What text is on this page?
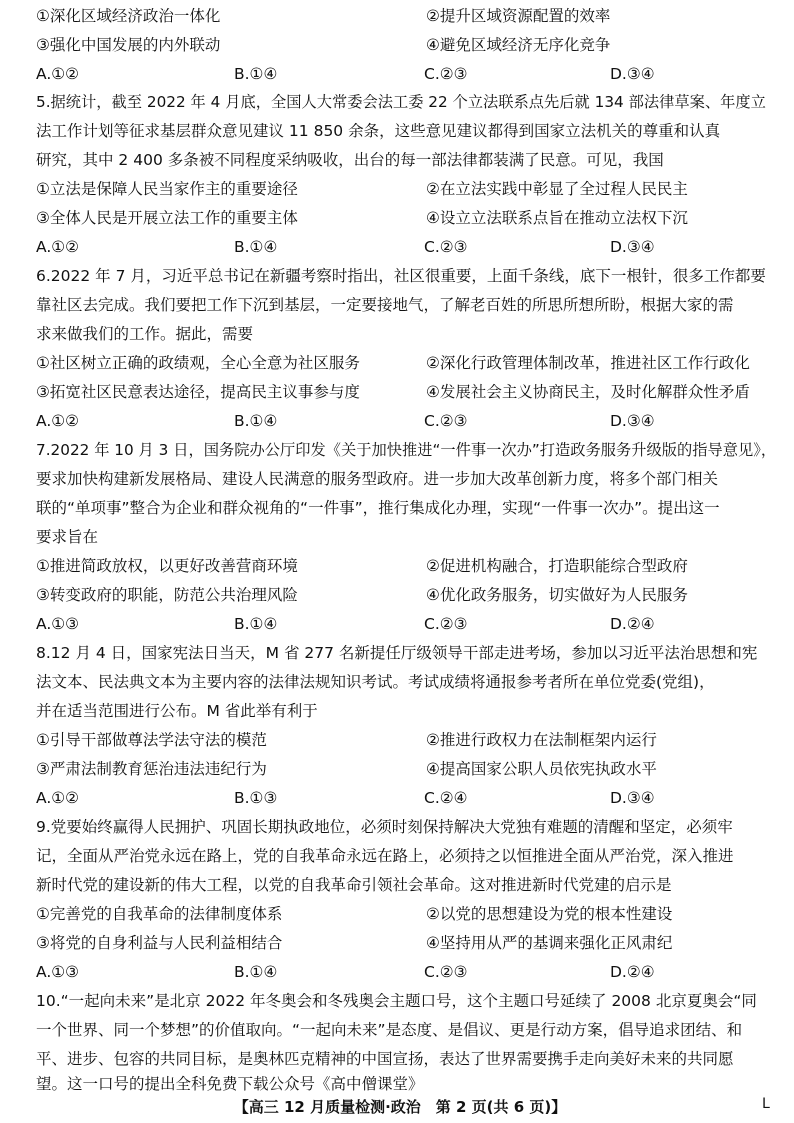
①深化区域经济政治一体化	②提升区域资源配置的效率
③强化中国发展的内外联动	④避免区域经济无序化竞争
A.①②	B.①④	C.②③	D.③④
5.据统计，截至 2022 年 4 月底，全国人大常委会法工委 22 个立法联系点先后就 134 部法律草案、年度立
法工作计划等征求基层群众意见建议 11 850 余条，这些意见建议都得到国家立法机关的尊重和认真
研究，其中 2 400 多条被不同程度采纳吸收，出台的每一部法律都装满了民意。可见，我国
①立法是保障人民当家作主的重要途径	②在立法实践中彰显了全过程人民民主
③全体人民是开展立法工作的重要主体	④设立立法联系点旨在推动立法权下沉
A.①②	B.①④	C.②③	D.③④
6.2022 年 7 月，习近平总书记在新疆考察时指出，社区很重要，上面千条线，底下一根针，很多工作都要
靠社区去完成。我们要把工作下沉到基层，一定要接地气，了解老百姓的所思所想所盼，根据大家的需
求来做我们的工作。据此，需要
①社区树立正确的政绩观，全心全意为社区服务	②深化行政管理体制改革，推进社区工作行政化
③拓宽社区民意表达途径，提高民主议事参与度	④发展社会主义协商民主，及时化解群众性矛盾
A.①②	B.①④	C.②③	D.③④
7.2022 年 10 月 3 日，国务院办公厅印发《关于加快推进“一件事一次办”打造政务服务升级版的指导意见》，
要求加快构建新发展格局、建设人民满意的服务型政府。进一步加大改革创新力度，将多个部门相关
联的“单项事”整合为企业和群众视角的“一件事”，推行集成化办理，实现“一件事一次办”。提出这一
要求旨在
①推进简政放权，以更好改善营商环境	②促进机构融合，打造职能综合型政府
③转变政府的职能，防范公共治理风险	④优化政务服务，切实做好为人民服务
A.①③	B.①④	C.②③	D.②④
8.12 月 4 日，国家宪法日当天，M 省 277 名新提任厅级领导干部走进考场，参加以习近平法治思想和宪
法文本、民法典文本为主要内容的法律法规知识考试。考试成绩将通报参考者所在单位党委(党组)，
并在适当范围进行公布。M 省此举有利于
①引导干部做尊法学法守法的模范	②推进行政权力在法制框架内运行
③严肃法制教育惩治违法违纪行为	④提高国家公职人员依宪执政水平
A.①②	B.①③	C.②④	D.③④
9.党要始终赢得人民拥护、巩固长期执政地位，必须时刻保持解决大党独有难题的清醒和坚定，必须牢
记，全面从严治党永远在路上，党的自我革命永远在路上，必须持之以恒推进全面从严治党，深入推进
新时代党的建设新的伟大工程，以党的自我革命引领社会革命。这对推进新时代党建的启示是
①完善党的自我革命的法律制度体系	②以党的思想建设为党的根本性建设
③将党的自身利益与人民利益相结合	④坚持用从严的基调来强化正风肃纪
A.①③	B.①④	C.②③	D.②④
10.“一起向未来”是北京 2022 年冬奥会和冬残奥会主题口号，这个主题口号延续了 2008 北京夏奥会“同
一个世界、同一个梦想”的价值取向。“一起向未来”是态度、是倡议、更是行动方案，倡导追求团结、和
平、进步、包容的共同目标，是奥林匹克精神的中国宣扬，表达了世界需要携手走向美好未来的共同愿
望。这一口号的提出全科免费下载公众号《高中僧课堂》
【高三 12 月质量检测·政治　第 2 页(共 6 页)】	L
